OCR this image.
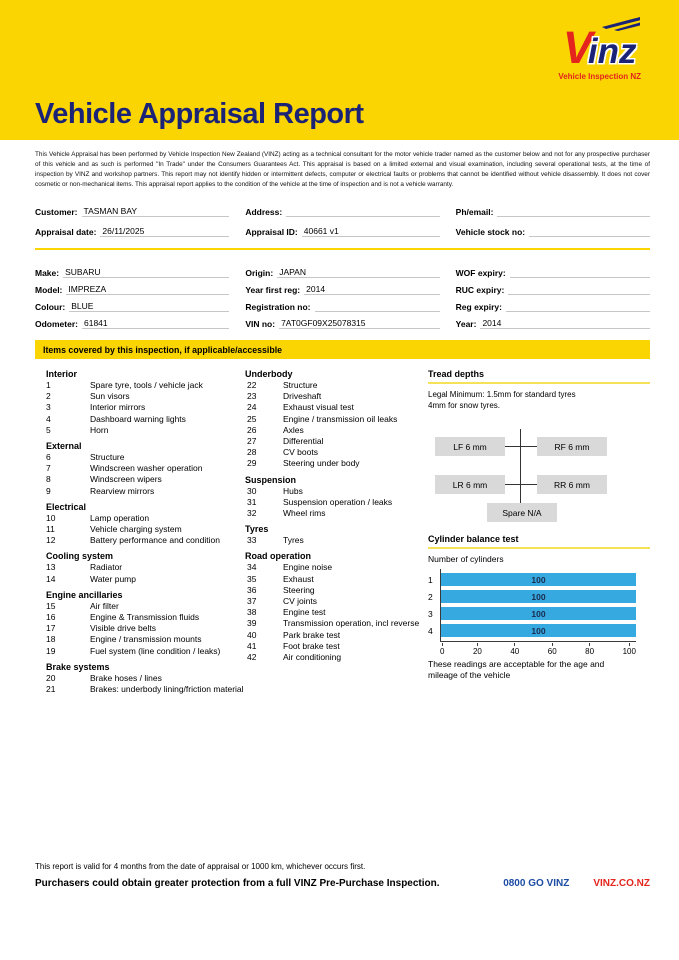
Vinz
Vehicle Inspection NZ
Vehicle Appraisal Report
This Vehicle Appraisal has been performed by Vehicle Inspection New Zealand (VINZ) acting as a technical consultant for the motor vehicle trader named as the customer below and not for any prospective purchaser of this vehicle and as such is performed "In Trade" under the Consumers Guarantees Act. This appraisal is based on a limited external and visual examination, including several operational tests, at the time of inspection by VINZ and workshop partners. This report may not identify hidden or intermittent defects, computer or electrical faults or problems that cannot be identified without vehicle disassembly. It does not cover cosmetic or non-mechanical items. This appraisal report applies to the condition of the vehicle at the time of inspection and is not a vehicle warranty.
Customer: TASMAN BAY
Appraisal date: 26/11/2025
Address:
Appraisal ID: 40661 v1
Ph/email:
Vehicle stock no:
Make: SUBARU
Model: IMPREZA
Colour: BLUE
Odometer: 61841
Origin: JAPAN
Year first reg: 2014
Registration no:
VIN no: 7AT0GF09X25078315
WOF expiry:
RUC expiry:
Reg expiry:
Year: 2014
Items covered by this inspection, if applicable/accessible
Interior
1	Spare tyre, tools / vehicle jack
2	Sun visors
3	Interior mirrors
4	Dashboard warning lights
5	Horn
External
6	Structure
7	Windscreen washer operation
8	Windscreen wipers
9	Rearview mirrors
Electrical
10	Lamp operation
11	Vehicle charging system
12	Battery performance and condition
Cooling system
13	Radiator
14	Water pump
Engine ancillaries
15	Air filter
16	Engine & Transmission fluids
17	Visible drive belts
18	Engine / transmission mounts
19	Fuel system (line condition / leaks)
Brake systems
20	Brake hoses / lines
21	Brakes: underbody lining/friction material
Underbody
22	Structure
23	Driveshaft
24	Exhaust visual test
25	Engine / transmission oil leaks
26	Axles
27	Differential
28	CV boots
29	Steering under body
Suspension
30	Hubs
31	Suspension operation / leaks
32	Wheel rims
Tyres
33	Tyres
Road operation
34	Engine noise
35	Exhaust
36	Steering
37	CV joints
38	Engine test
39	Transmission operation, incl reverse
40	Park brake test
41	Foot brake test
42	Air conditioning
Tread depths
Legal Minimum: 1.5mm for standard tyres
4mm for snow tyres.
LF 6 mm	RF 6 mm
LR 6 mm	RR 6 mm
Spare N/A
Cylinder balance test
Number of cylinders
1
2
3
4
100
100
100
100
0	20	40	60	80	100
These readings are acceptable for the age and mileage of the vehicle
This report is valid for 4 months from the date of appraisal or 1000 km, whichever occurs first.
Purchasers could obtain greater protection from a full VINZ Pre-Purchase Inspection.	0800 GO VINZ VINZ.CO.NZ
